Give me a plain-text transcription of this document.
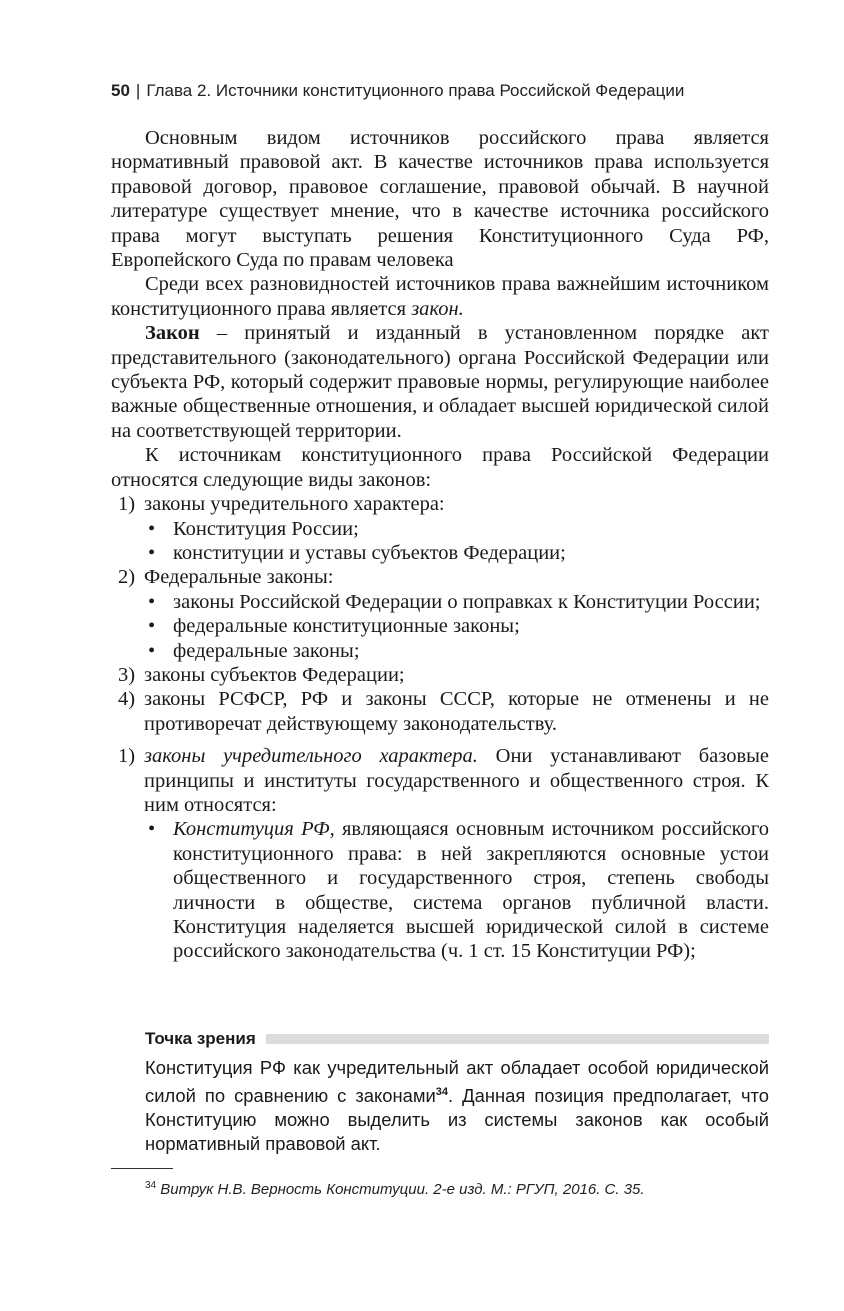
50 | Глава 2. Источники конституционного права Российской Федерации

Основным видом источников российского права является нормативный правовой акт. В качестве источников права используется правовой договор, правовое соглашение, правовой обычай. В научной литературе существует мнение, что в качестве источника российского права могут выступать решения Конституционного Суда РФ, Европейского Суда по правам человека

Среди всех разновидностей источников права важнейшим источником конституционного права является закон.

Закон – принятый и изданный в установленном порядке акт представительного (законодательного) органа Российской Федерации или субъекта РФ, который содержит правовые нормы, регулирующие наиболее важные общественные отношения, и обладает высшей юридической силой на соответствующей территории.

К источникам конституционного права Российской Федерации относятся следующие виды законов:

1) законы учредительного характера:
• Конституция России;
• конституции и уставы субъектов Федерации;
2) Федеральные законы:
• законы Российской Федерации о поправках к Конституции России;
• федеральные конституционные законы;
• федеральные законы;
3) законы субъектов Федерации;
4) законы РСФСР, РФ и законы СССР, которые не отменены и не противоречат действующему законодательству.
1) законы учредительного характера. Они устанавливают базовые принципы и институты государственного и общественного строя. К ним относятся:
• Конституция РФ, являющаяся основным источником российского конституционного права: в ней закрепляются основные устои общественного и государственного строя, степень свободы личности в обществе, система органов публичной власти. Конституция наделяется высшей юридической силой в системе российского законодательства (ч. 1 ст. 15 Конституции РФ);
Точка зрения
Конституция РФ как учредительный акт обладает особой юридической силой по сравнению с законами$^{34}$. Данная позиция предполагает, что Конституцию можно выделить из системы законов как особый нормативный правовой акт.
$^{34}$ Витрук Н.В. Верность Конституции. 2-е изд. М.: РГУП, 2016. С. 35.
